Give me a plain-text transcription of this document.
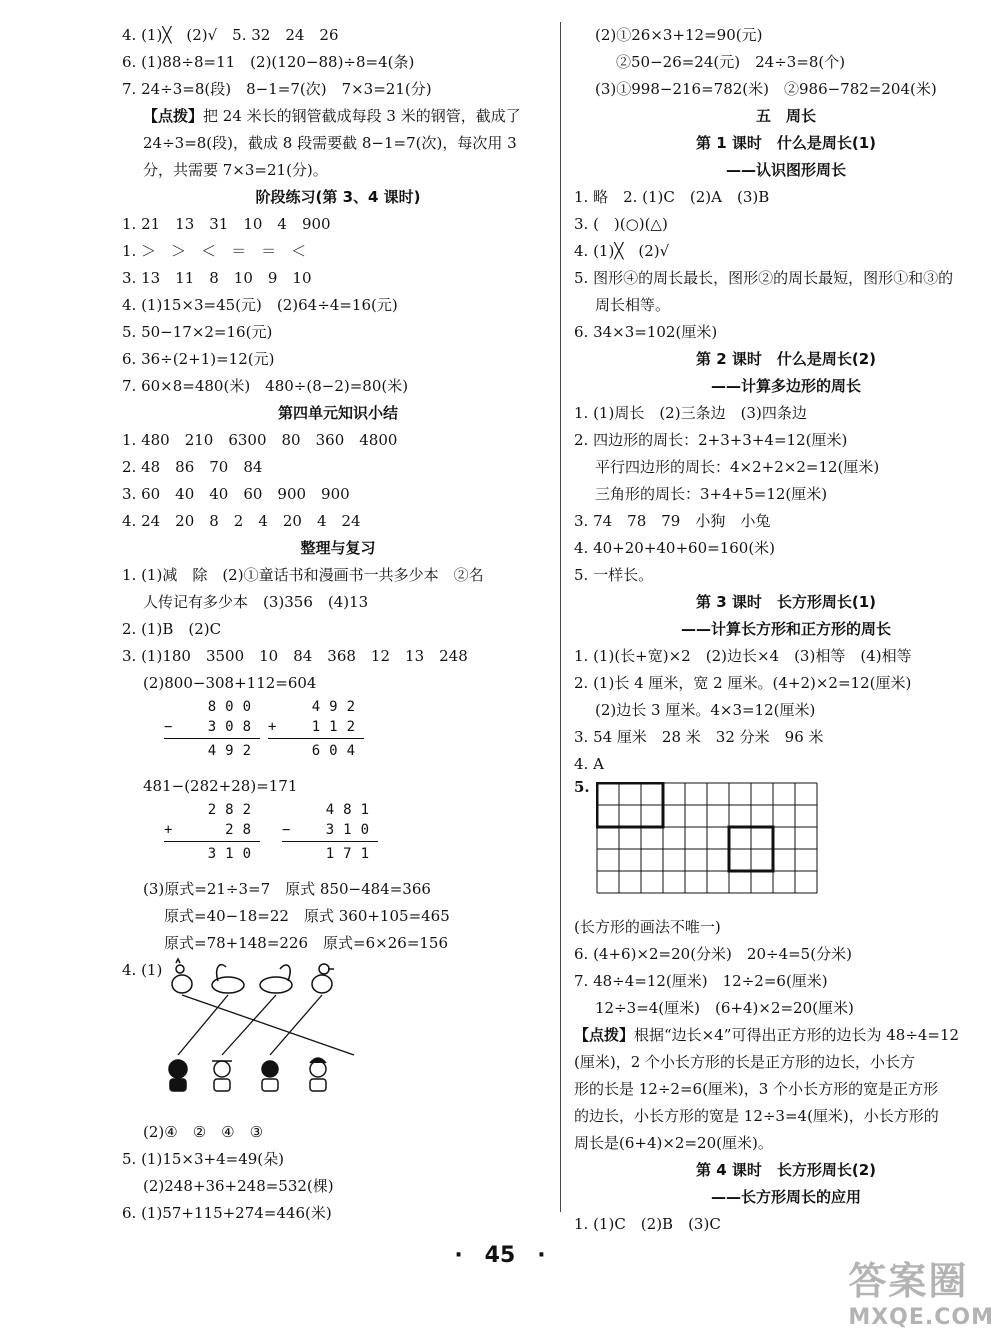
4. (1)╳　(2)√　5. 32　24　26
6. (1)88÷8=11　(2)(120−88)÷8=4(条)
7. 24÷3=8(段)　8−1=7(次)　7×3=21(分)
【点拨】把 24 米长的钢管截成每段 3 米的钢管，截成了
24÷3=8(段)，截成 8 段需要截 8−1=7(次)，每次用 3
分，共需要 7×3=21(分)。
阶段练习(第 3、4 课时)
1. 21　13　31　10　4　900
1. ＞　＞　＜　＝　＝　＜
3. 13　11　8　10　9　10
4. (1)15×3=45(元)　(2)64÷4=16(元)
5. 50−17×2=16(元)
6. 36÷(2+1)=12(元)
7. 60×8=480(米)　480÷(8−2)=80(米)
第四单元知识小结
1. 480　210　6300　80　360　4800
2. 48　86　70　84
3. 60　40　40　60　900　900
4. 24　20　8　2　4　20　4　24
整理与复习
1. (1)减　除　(2)①童话书和漫画书一共多少本　②名
人传记有多少本　(3)356　(4)13
2. (1)B　(2)C
3. (1)180　3500　10　84　368　12　13　248
(2)800−308+112=604
800
−	308
492
492
+	112
604
481−(282+28)=171
282
+	28
310
481
−	310
171
(3)原式=21÷3=7　原式 850−484=366
原式=40−18=22　原式 360+105=465
原式=78+148=226　原式=6×26=156
4. (1)
(2)④　②　④　③
5. (1)15×3+4=49(朵)
(2)248+36+248=532(棵)
6. (1)57+115+274=446(米)
(2)①26×3+12=90(元)
②50−26=24(元)　24÷3=8(个)
(3)①998−216=782(米)　②986−782=204(米)
五　周长
第 1 课时　什么是周长(1)
——认识图形周长
1. 略　2. (1)C　(2)A　(3)B
3. (　)(○)(△)
4. (1)╳　(2)√
5. 图形④的周长最长，图形②的周长最短，图形①和③的
周长相等。
6. 34×3=102(厘米)
第 2 课时　什么是周长(2)
——计算多边形的周长
1. (1)周长　(2)三条边　(3)四条边
2. 四边形的周长：2+3+3+4=12(厘米)
平行四边形的周长：4×2+2×2=12(厘米)
三角形的周长：3+4+5=12(厘米)
3. 74　78　79　小狗　小兔
4. 40+20+40+60=160(米)
5. 一样长。
第 3 课时　长方形周长(1)
——计算长方形和正方形的周长
1. (1)(长+宽)×2　(2)边长×4　(3)相等　(4)相等
2. (1)长 4 厘米，宽 2 厘米。(4+2)×2=12(厘米)
(2)边长 3 厘米。4×3=12(厘米)
3. 54 厘米　28 米　32 分米　96 米
4. A
5.
(长方形的画法不唯一)
6. (4+6)×2=20(分米)　20÷4=5(分米)
7. 48÷4=12(厘米)　12÷2=6(厘米)
12÷3=4(厘米)　(6+4)×2=20(厘米)
【点拨】根据“边长×4”可得出正方形的边长为 48÷4=12
(厘米)，2 个小长方形的长是正方形的边长，小长方
形的长是 12÷2=6(厘米)，3 个小长方形的宽是正方形
的边长，小长方形的宽是 12÷3=4(厘米)，小长方形的
周长是(6+4)×2=20(厘米)。
第 4 课时　长方形周长(2)
——长方形周长的应用
1. (1)C　(2)B　(3)C
·　45　·
答案圈
MXQE.COM
